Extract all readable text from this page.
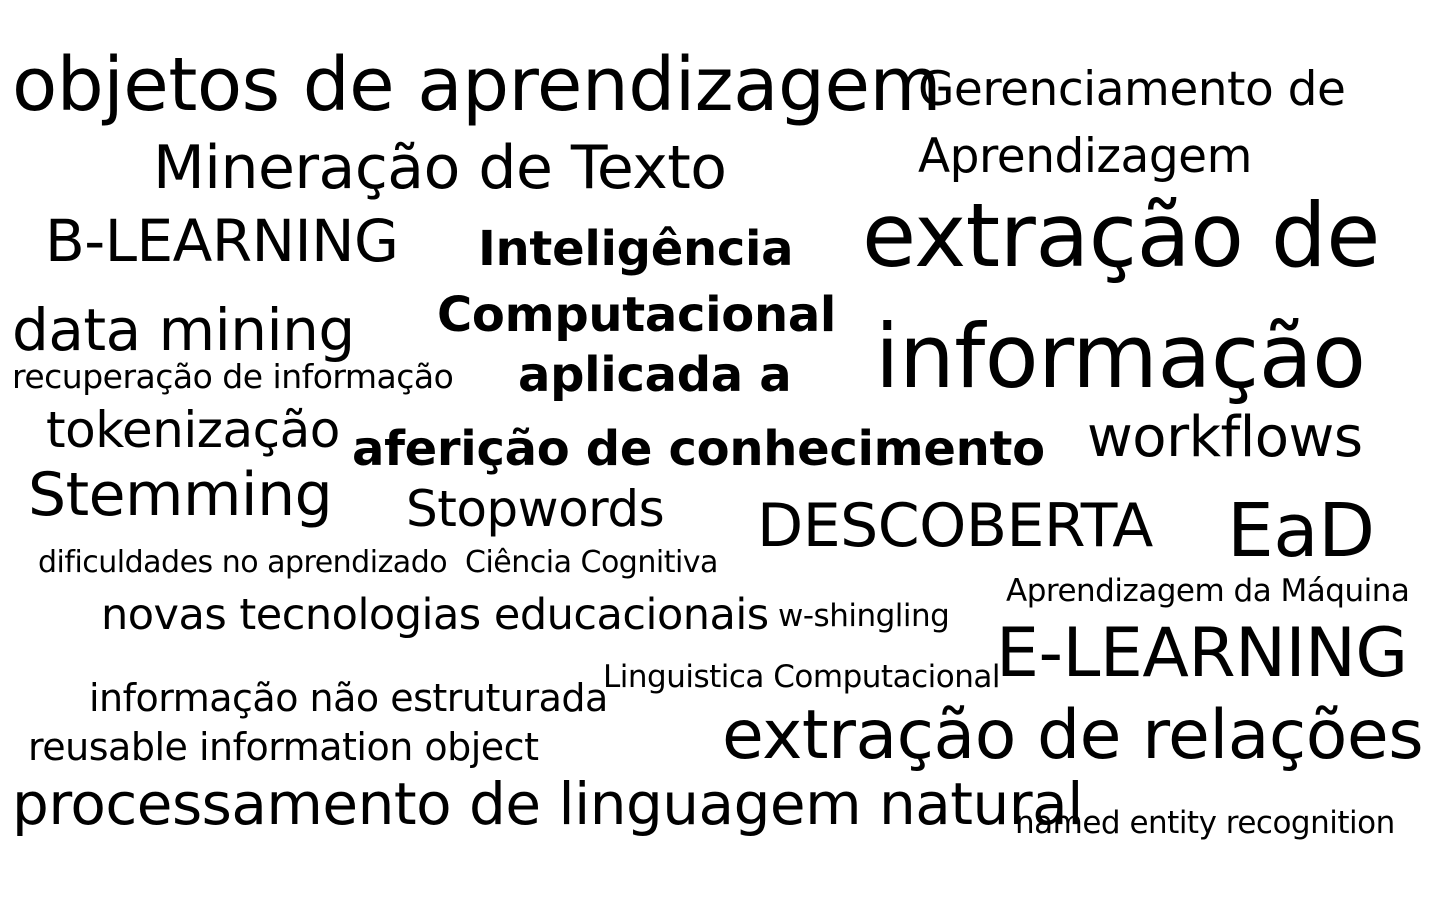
objetos de aprendizagem
Gerenciamento de
Aprendizagem
Mineração de Texto
B-LEARNING Inteligência extração de
Computacional
data mining	informação
recuperação de informação aplicada a
tokenização	workflows
aferição de conhecimento
Stemming Stopwords DESCOBERTA EaD
dificuldades no aprendizado Ciência Cognitiva
Aprendizagem da Máquina
novas tecnologias educacionais w-shingling E-LEARNING
Linguistica Computacional
informação não estruturada extração de relações
reusable information object
processamento de linguagem natural
named entity recognition
